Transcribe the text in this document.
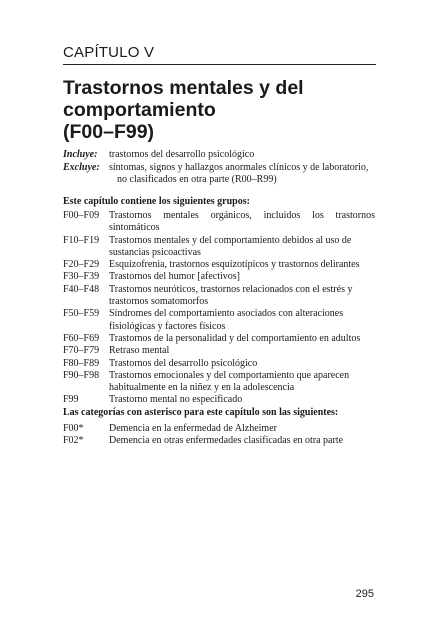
CAPÍTULO V
Trastornos mentales y del
comportamiento
(F00–F99)
Incluye:	trastornos del desarrollo psicológico
Excluye: síntomas, signos y hallazgos anormales clínicos y de laboratorio,
no clasificados en otra parte (R00–R99)
Este capítulo contiene los siguientes grupos:
F00–F09 Trastornos mentales orgánicos, incluidos los trastornos sintomáticos
F10–F19 Trastornos mentales y del comportamiento debidos al uso de
sustancias psicoactivas
F20–F29 Esquizofrenia, trastornos esquizotípicos y trastornos delirantes
F30–F39 Trastornos del humor [afectivos]
F40–F48 Trastornos neuróticos, trastornos relacionados con el estrés y
trastornos somatomorfos
F50–F59 Síndromes del comportamiento asociados con alteraciones
fisiológicas y factores físicos
F60–F69 Trastornos de la personalidad y del comportamiento en adultos
F70–F79 Retraso mental
F80–F89 Trastornos del desarrollo psicológico
F90–F98 Trastornos emocionales y del comportamiento que aparecen
habitualmente en la niñez y en la adolescencia
F99	Trastorno mental no especificado
Las categorías con asterisco para este capítulo son las siguientes:
F00*	Demencia en la enfermedad de Alzheimer
F02*	Demencia en otras enfermedades clasificadas en otra parte
295
